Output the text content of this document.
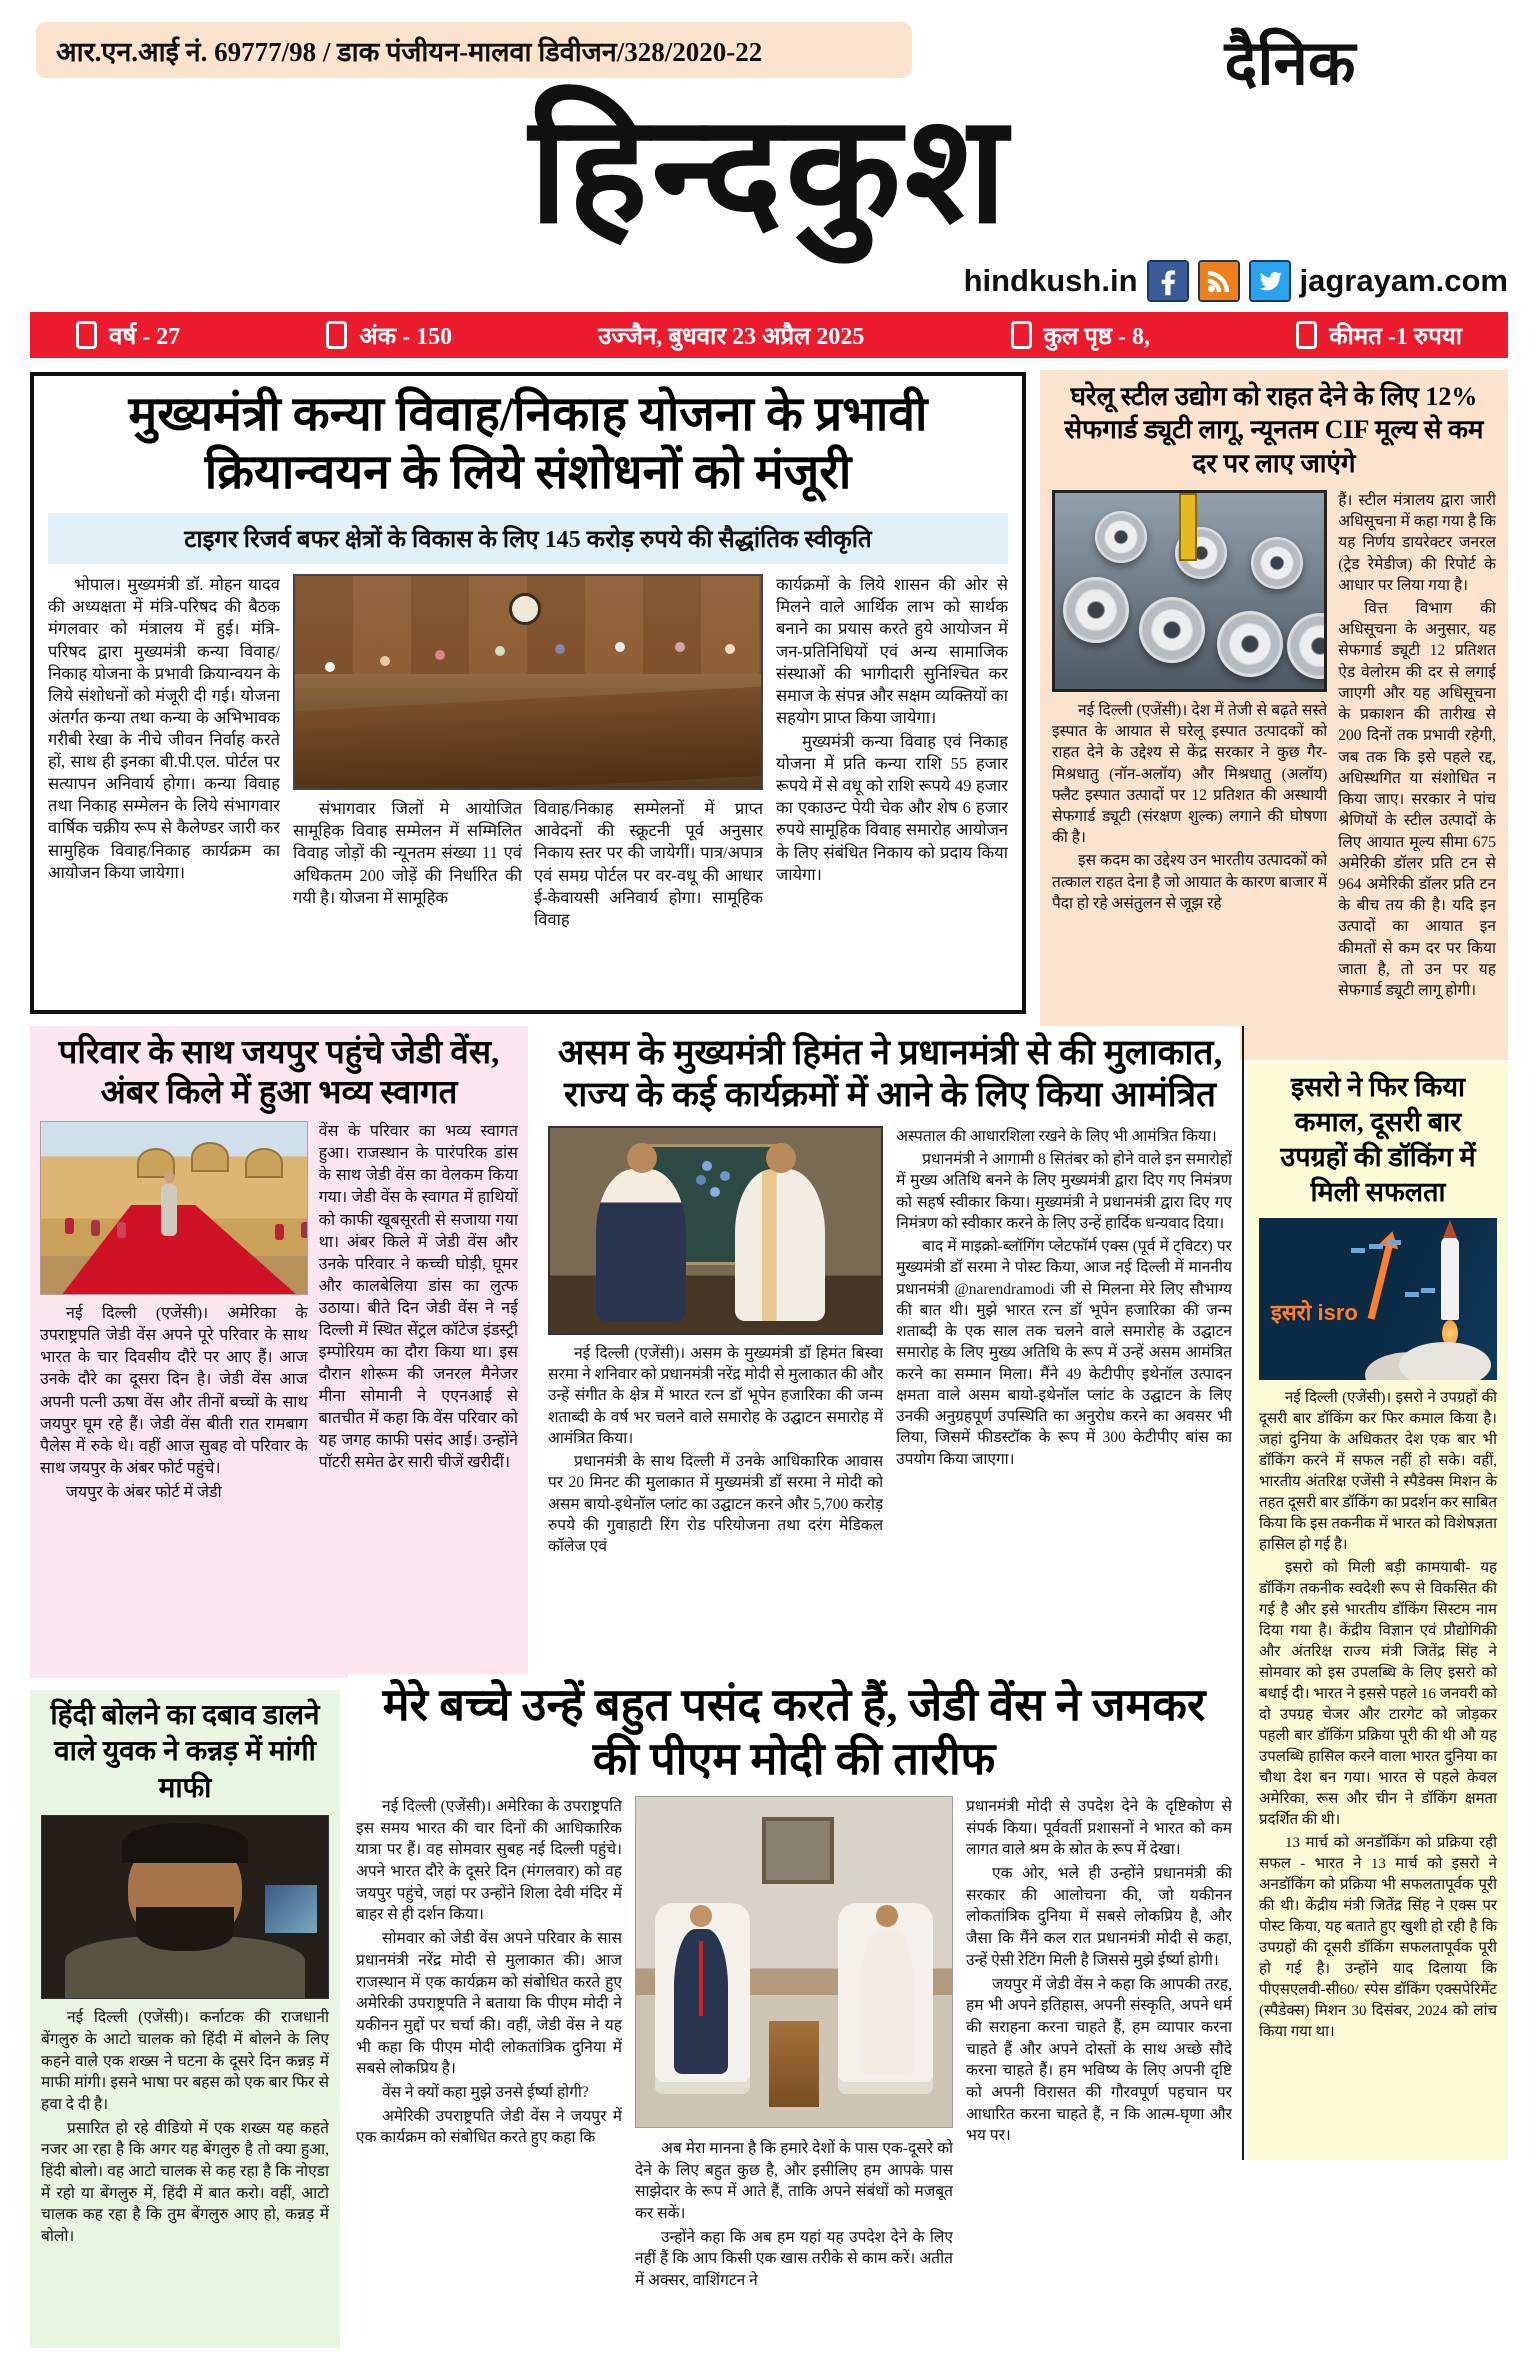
आर.एन.आई नं. 69777/98 / डाक पंजीयन-मालवा डिवीजन/328/2020-22	दैनिक
हिन्दकुश
hindkush.in	jagrayam.com
वर्ष - 27	अंक - 150	उज्जैन, बुधवार 23 अप्रैल 2025	कुल पृष्ठ - 8,	कीमत -1 रुपया
मुख्यमंत्री कन्या विवाह/निकाह योजना के प्रभावी क्रियान्वयन के लिये संशोधनों को मंजूरी
टाइगर रिजर्व बफर क्षेत्रों के विकास के लिए 145 करोड़ रुपये की सैद्धांतिक स्वीकृति

भोपाल। मुख्यमंत्री डॉ. मोहन यादव की अध्यक्षता में मंत्रि-परिषद की बैठक मंगलवार को मंत्रालय में हुई। मंत्रि-परिषद द्वारा मुख्यमंत्री कन्या विवाह/निकाह योजना के प्रभावी क्रियान्वयन के लिये संशोधनों को मंजूरी दी गई। योजना अंतर्गत कन्या तथा कन्या के अभिभावक गरीबी रेखा के नीचे जीवन निर्वाह करते हों, साथ ही इनका बी.पी.एल. पोर्टल पर सत्यापन अनिवार्य होगा। कन्या विवाह तथा निकाह सम्मेलन के लिये संभागवार वार्षिक चक्रीय रूप से कैलेण्डर जारी कर सामुहिक विवाह/निकाह कार्यक्रम का आयोजन किया जायेगा।

संभागवार जिलों मे आयोजित सामूहिक विवाह सम्मेलन में सम्मिलित विवाह जोड़ों की न्यूनतम संख्या 11 एवं अधिकतम 200 जोड़ें की निर्धारित की गयी है। योजना में सामूहिक

विवाह/निकाह सम्मेलनों में प्राप्त आवेदनों की स्क्रूटनी पूर्व अनुसार निकाय स्तर पर की जायेगीं। पात्र/अपात्र एवं समग्र पोर्टल पर वर-वधू की आधार ई-केवायसी अनिवार्य होगा। सामूहिक विवाह

कार्यक्रमों के लिये शासन की ओर से मिलने वाले आर्थिक लाभ को सार्थक बनाने का प्रयास करते हुये आयोजन में जन-प्रतिनिधियों एवं अन्य सामाजिक संस्थाओं की भागीदारी सुनिश्चित कर समाज के संपन्न और सक्षम व्यक्तियों का सहयोग प्राप्त किया जायेगा।

मुख्यमंत्री कन्या विवाह एवं निकाह योजना में प्रति कन्या राशि 55 हजार रूपये में से वधू को राशि रूपये 49 हजार का एकाउन्ट पेयी चेक और शेष 6 हजार रुपये सामूहिक विवाह समारोह आयोजन के लिए संबंधित निकाय को प्रदाय किया जायेगा।

घरेलू स्टील उद्योग को राहत देने के लिए 12% सेफगार्ड ड्यूटी लागू, न्यूनतम CIF मूल्य से कम दर पर लाए जाएंगे

नई दिल्ली (एजेंसी)। देश में तेजी से बढ़ते सस्ते इस्पात के आयात से घरेलू इस्पात उत्पादकों को राहत देने के उद्देश्य से केंद्र सरकार ने कुछ गैर-मिश्रधातु (नॉन-अलॉय) और मिश्रधातु (अलॉय) फ्लैट इस्पात उत्पादों पर 12 प्रतिशत की अस्थायी सेफगार्ड ड्यूटी (संरक्षण शुल्क) लगाने की घोषणा की है।

इस कदम का उद्देश्य उन भारतीय उत्पादकों को तत्काल राहत देना है जो आयात के कारण बाजार में पैदा हो रहे असंतुलन से जूझ रहे

हैं। स्टील मंत्रालय द्वारा जारी अधिसूचना में कहा गया है कि यह निर्णय डायरेक्टर जनरल (ट्रेड रेमेडीज) की रिपोर्ट के आधार पर लिया गया है।

वित्त विभाग की अधिसूचना के अनुसार, यह सेफगार्ड ड्यूटी 12 प्रतिशत ऐड वेलोरम की दर से लगाई जाएगी और यह अधिसूचना के प्रकाशन की तारीख से 200 दिनों तक प्रभावी रहेगी, जब तक कि इसे पहले रद्द, अधिस्थगित या संशोधित न किया जाए। सरकार ने पांच श्रेणियों के स्टील उत्पादों के लिए आयात मूल्य सीमा 675 अमेरिकी डॉलर प्रति टन से 964 अमेरिकी डॉलर प्रति टन के बीच तय की है। यदि इन उत्पादों का आयात इन कीमतों से कम दर पर किया जाता है, तो उन पर यह सेफगार्ड ड्यूटी लागू होगी।

परिवार के साथ जयपुर पहुंचे जेडी वेंस, अंबर किले में हुआ भव्य स्वागत

नई दिल्ली (एजेंसी)। अमेरिका के उपराष्ट्रपति जेडी वेंस अपने पूरे परिवार के साथ भारत के चार दिवसीय दौरे पर आए हैं। आज उनके दौरे का दूसरा दिन है। जेडी वेंस आज अपनी पत्नी ऊषा वेंस और तीनों बच्चों के साथ जयपुर घूम रहे हैं। जेडी वेंस बीती रात रामबाग पैलेस में रुके थे। वहीं आज सुबह वो परिवार के साथ जयपुर के अंबर फोर्ट पहुंचे।

जयपुर के अंबर फोर्ट में जेडी

वेंस के परिवार का भव्य स्वागत हुआ। राजस्थान के पारंपरिक डांस के साथ जेडी वेंस का वेलकम किया गया। जेडी वेंस के स्वागत में हाथियों को काफी खूबसूरती से सजाया गया था। अंबर किले में जेडी वेंस और उनके परिवार ने कच्ची घोड़ी, घूमर और कालबेलिया डांस का लुत्फ उठाया। बीते दिन जेडी वेंस ने नई दिल्ली में स्थित सेंट्रल कॉटेज इंडस्ट्री इम्पोरियम का दौरा किया था। इस दौरान शोरूम की जनरल मैनेजर मीना सोमानी ने एएनआई से बातचीत में कहा कि वेंस परिवार को यह जगह काफी पसंद आई। उन्होंने पॉटरी समेत ढेर सारी चीजें खरीदीं।

असम के मुख्यमंत्री हिमंत ने प्रधानमंत्री से की मुलाकात, राज्य के कई कार्यक्रमों में आने के लिए किया आमंत्रित

नई दिल्ली (एजेंसी)। असम के मुख्यमंत्री डॉ हिमंत बिस्वा सरमा ने शनिवार को प्रधानमंत्री नरेंद्र मोदी से मुलाकात की और उन्हें संगीत के क्षेत्र में भारत रत्न डॉ भूपेन हजारिका की जन्म शताब्दी के वर्ष भर चलने वाले समारोह के उद्घाटन समारोह में आमंत्रित किया।

प्रधानमंत्री के साथ दिल्ली में उनके आधिकारिक आवास पर 20 मिनट की मुलाकात में मुख्यमंत्री डॉ सरमा ने मोदी को असम बायो-इथेनॉल प्लांट का उद्घाटन करने और 5,700 करोड़ रुपये की गुवाहाटी रिंग रोड परियोजना तथा दरंग मेडिकल कॉलेज एवं

अस्पताल की आधारशिला रखने के लिए भी आमंत्रित किया।

प्रधानमंत्री ने आगामी 8 सितंबर को होने वाले इन समारोहों में मुख्य अतिथि बनने के लिए मुख्यमंत्री द्वारा दिए गए निमंत्रण को सहर्ष स्वीकार किया। मुख्यमंत्री ने प्रधानमंत्री द्वारा दिए गए निमंत्रण को स्वीकार करने के लिए उन्हें हार्दिक धन्यवाद दिया।

बाद में माइक्रो-ब्लॉगिंग प्लेटफॉर्म एक्स (पूर्व में ट्विटर) पर मुख्यमंत्री डॉ सरमा ने पोस्ट किया, आज नई दिल्ली में माननीय प्रधानमंत्री @narendramodi जी से मिलना मेरे लिए सौभाग्य की बात थी। मुझे भारत रत्न डॉ भूपेन हजारिका की जन्म शताब्दी के एक साल तक चलने वाले समारोह के उद्घाटन समारोह के लिए मुख्य अतिथि के रूप में उन्हें असम आमंत्रित करने का सम्मान मिला। मैंने 49 केटीपीए इथेनॉल उत्पादन क्षमता वाले असम बायो-इथेनॉल प्लांट के उद्घाटन के लिए उनकी अनुग्रहपूर्ण उपस्थिति का अनुरोध करने का अवसर भी लिया, जिसमें फीडस्टॉक के रूप में 300 केटीपीए बांस का उपयोग किया जाएगा।

इसरो ने फिर किया कमाल, दूसरी बार उपग्रहों की डॉकिंग में मिली सफलता
इसरो isro

नई दिल्ली (एजेंसी)। इसरो ने उपग्रहों की दूसरी बार डॉकिंग कर फिर कमाल किया है। जहां दुनिया के अधिकतर देश एक बार भी डॉकिंग करने में सफल नहीं हो सके। वहीं, भारतीय अंतरिक्ष एजेंसी ने स्पैडेक्स मिशन के तहत दूसरी बार डॉकिंग का प्रदर्शन कर साबित किया कि इस तकनीक में भारत को विशेषज्ञता हासिल हो गई है।

इसरो को मिली बड़ी कामयाबी- यह डॉकिंग तकनीक स्वदेशी रूप से विकसित की गई है और इसे भारतीय डॉकिंग सिस्टम नाम दिया गया है। केंद्रीय विज्ञान एवं प्रौद्योगिकी और अंतरिक्ष राज्य मंत्री जितेंद्र सिंह ने सोमवार को इस उपलब्धि के लिए इसरो को बधाई दी। भारत ने इससे पहले 16 जनवरी को दो उपग्रह चेजर और टारगेट को जोड़कर पहली बार डॉकिंग प्रक्रिया पूरी की थी औ यह उपलब्धि हासिल करने वाला भारत दुनिया का चौथा देश बन गया। भारत से पहले केवल अमेरिका, रूस और चीन ने डॉकिंग क्षमता प्रदर्शित की थी।

13 मार्च को अनडॉकिंग को प्रक्रिया रही सफल - भारत ने 13 मार्च को इसरो ने अनडॉकिंग को प्रक्रिया भी सफलतापूर्वक पूरी की थी। केंद्रीय मंत्री जितेंद्र सिंह ने एक्स पर पोस्ट किया, यह बताते हुए खुशी हो रही है कि उपग्रहों की दूसरी डॉकिंग सफलतापूर्वक पूरी हो गई है। उन्होंने याद दिलाया कि पीएसएलवी-सी60/ स्पेस डॉकिंग एक्सपेरिमेंट (स्पैडेक्स) मिशन 30 दिसंबर, 2024 को लांच किया गया था।

हिंदी बोलने का दबाव डालने वाले युवक ने कन्नड़ में मांगी माफी

नई दिल्ली (एजेंसी)। कर्नाटक की राजधानी बेंगलुरु के आटो चालक को हिंदी में बोलने के लिए कहने वाले एक शख्स ने घटना के दूसरे दिन कन्नड़ में माफी मांगी। इसने भाषा पर बहस को एक बार फिर से हवा दे दी है।

प्रसारित हो रहे वीडियो में एक शख्स यह कहते नजर आ रहा है कि अगर यह बेंगलुरु है तो क्या हुआ, हिंदी बोलो। वह आटो चालक से कह रहा है कि नोएडा में रहो या बेंगलुरु में, हिंदी में बात करो। वहीं, आटो चालक कह रहा है कि तुम बेंगलुरु आए हो, कन्नड़ में बोलो।

मेरे बच्चे उन्हें बहुत पसंद करते हैं, जेडी वेंस ने जमकर की पीएम मोदी की तारीफ

नई दिल्ली (एजेंसी)। अमेरिका के उपराष्ट्रपति इस समय भारत की चार दिनों की आधिकारिक यात्रा पर हैं। वह सोमवार सुबह नई दिल्ली पहुंचे। अपने भारत दौरे के दूसरे दिन (मंगलवार) को वह जयपुर पहुंचे, जहां पर उन्होंने शिला देवी मंदिर में बाहर से ही दर्शन किया।

सोमवार को जेडी वेंस अपने परिवार के सास प्रधानमंत्री नरेंद्र मोदी से मुलाकात की। आज राजस्थान में एक कार्यक्रम को संबोधित करते हुए अमेरिकी उपराष्ट्रपति ने बताया कि पीएम मोदी ने यकीनन मुद्दों पर चर्चा की। वहीं, जेडी वेंस ने यह भी कहा कि पीएम मोदी लोकतांत्रिक दुनिया में सबसे लोकप्रिय है।

वेंस ने क्यों कहा मुझे उनसे ईर्ष्या होगी?

अमेरिकी उपराष्ट्रपति जेडी वेंस ने जयपुर में एक कार्यक्रम को संबोधित करते हुए कहा कि

अब मेरा मानना है कि हमारे देशों के पास एक-दूसरे को देने के लिए बहुत कुछ है, और इसीलिए हम आपके पास साझेदार के रूप में आते हैं, ताकि अपने संबंधों को मजबूत कर सकें।

उन्होंने कहा कि अब हम यहां यह उपदेश देने के लिए नहीं हैं कि आप किसी एक खास तरीके से काम करें। अतीत में अक्सर, वाशिंगटन ने

प्रधानमंत्री मोदी से उपदेश देने के दृष्टिकोण से संपर्क किया। पूर्ववर्ती प्रशासनों ने भारत को कम लागत वाले श्रम के स्रोत के रूप में देखा।

एक ओर, भले ही उन्होंने प्रधानमंत्री की सरकार की आलोचना की, जो यकीनन लोकतांत्रिक दुनिया में सबसे लोकप्रिय है, और जैसा कि मैंने कल रात प्रधानमंत्री मोदी से कहा, उन्हें ऐसी रेटिंग मिली है जिससे मुझे ईर्ष्या होगी।

जयपुर में जेडी वेंस ने कहा कि आपकी तरह, हम भी अपने इतिहास, अपनी संस्कृति, अपने धर्म की सराहना करना चाहते हैं, हम व्यापार करना चाहते हैं और अपने दोस्तों के साथ अच्छे सौदे करना चाहते हैं। हम भविष्य के लिए अपनी दृष्टि को अपनी विरासत की गौरवपूर्ण पहचान पर आधारित करना चाहते हैं, न कि आत्म-घृणा और भय पर।
